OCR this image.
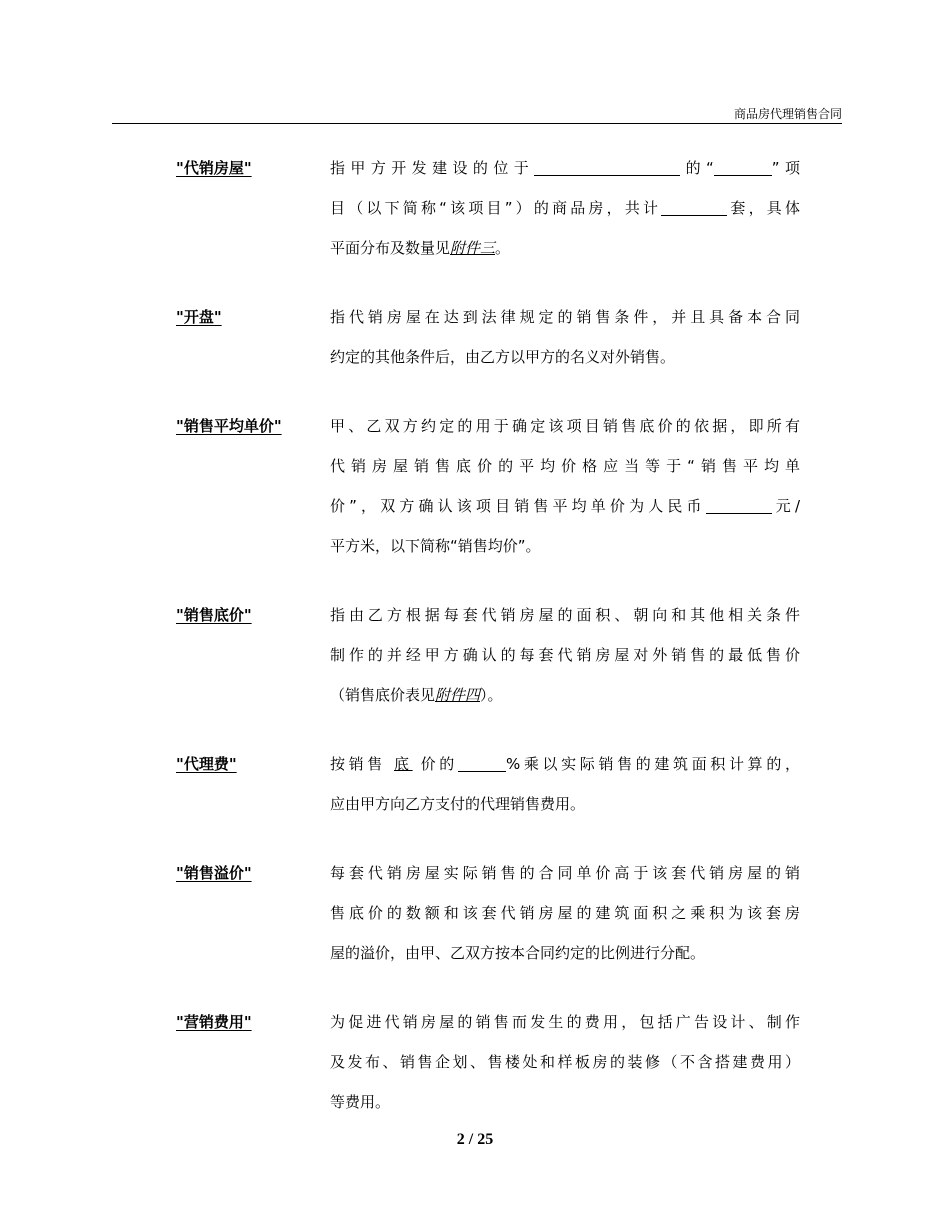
商品房代理销售合同
"代销房屋"	指甲方开发建设的位于	的“	”项
目（以下简称“该项目”）的商品房，共计	套，具体
平面分布及数量见附件三。
"开盘"	指代销房屋在达到法律规定的销售条件，并且具备本合同
约定的其他条件后，由乙方以甲方的名义对外销售。
"销售平均单价"	甲、乙双方约定的用于确定该项目销售底价的依据，即所有
代销房屋销售底价的平均价格应当等于“销售平均单
价”，双方确认该项目销售平均单价为人民币	元/
平方米，以下简称“销售均价”。
"销售底价"	指由乙方根据每套代销房屋的面积、朝向和其他相关条件
制作的并经甲方确认的每套代销房屋对外销售的最低售价
（销售底价表见附件四）。
"代理费"	按销售 底 价的	%乘以实际销售的建筑面积计算的，
应由甲方向乙方支付的代理销售费用。
"销售溢价"	每套代销房屋实际销售的合同单价高于该套代销房屋的销
售底价的数额和该套代销房屋的建筑面积之乘积为该套房
屋的溢价，由甲、乙双方按本合同约定的比例进行分配。
"营销费用"	为促进代销房屋的销售而发生的费用，包括广告设计、制作
及发布、销售企划、售楼处和样板房的装修（不含搭建费用）
等费用。
2 / 25
